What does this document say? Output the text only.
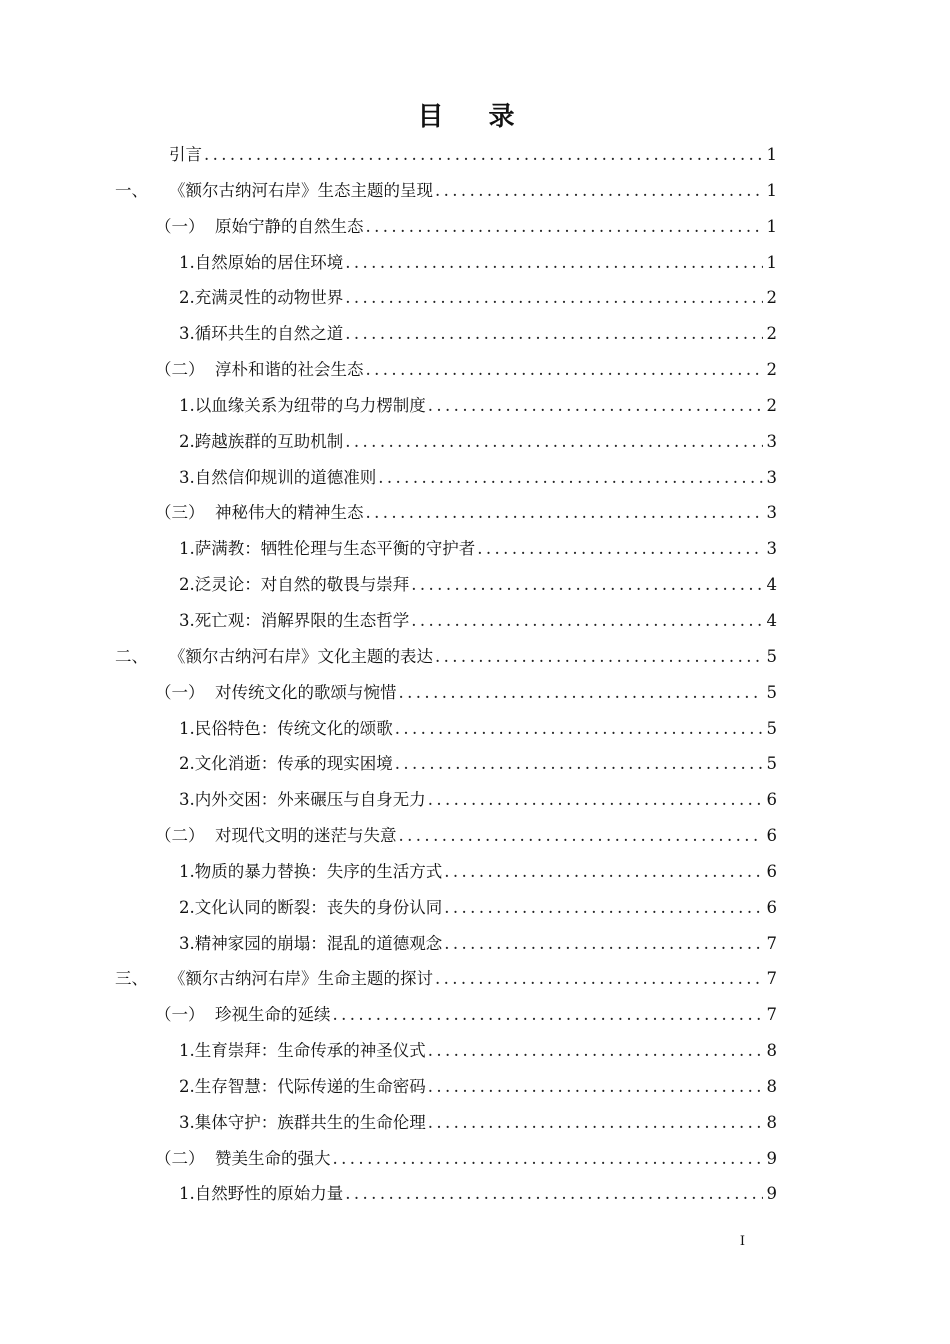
目 录
引言 .....	1
一、	《额尔古纳河右岸》生态主题的呈现 .....	1
（一） 原始宁静的自然生态 .....	1
1. 自然原始的居住环境 .....	1
2. 充满灵性的动物世界 .....	2
3. 循环共生的自然之道 .....	2
（二） 淳朴和谐的社会生态 .....	2
1. 以血缘关系为纽带的乌力楞制度 .....	2
2. 跨越族群的互助机制 .....	3
3. 自然信仰规训的道德准则 .....	3
（三） 神秘伟大的精神生态 .....	3
1. 萨满教：牺牲伦理与生态平衡的守护者 .....	3
2. 泛灵论：对自然的敬畏与崇拜 .....	4
3. 死亡观：消解界限的生态哲学 .....	4
二、	《额尔古纳河右岸》文化主题的表达 .....	5
（一） 对传统文化的歌颂与惋惜 .....	5
1. 民俗特色：传统文化的颂歌 .....	5
2. 文化消逝：传承的现实困境 .....	5
3. 内外交困：外来碾压与自身无力 .....	6
（二） 对现代文明的迷茫与失意 .....	6
1. 物质的暴力替换：失序的生活方式 .....	6
2. 文化认同的断裂：丧失的身份认同 .....	6
3. 精神家园的崩塌：混乱的道德观念 .....	7
三、	《额尔古纳河右岸》生命主题的探讨 .....	7
（一） 珍视生命的延续 .....	7
1. 生育崇拜：生命传承的神圣仪式 .....	8
2. 生存智慧：代际传递的生命密码 .....	8
3. 集体守护：族群共生的生命伦理 .....	8
（二） 赞美生命的强大 .....	9
1. 自然野性的原始力量 .....	9
I
